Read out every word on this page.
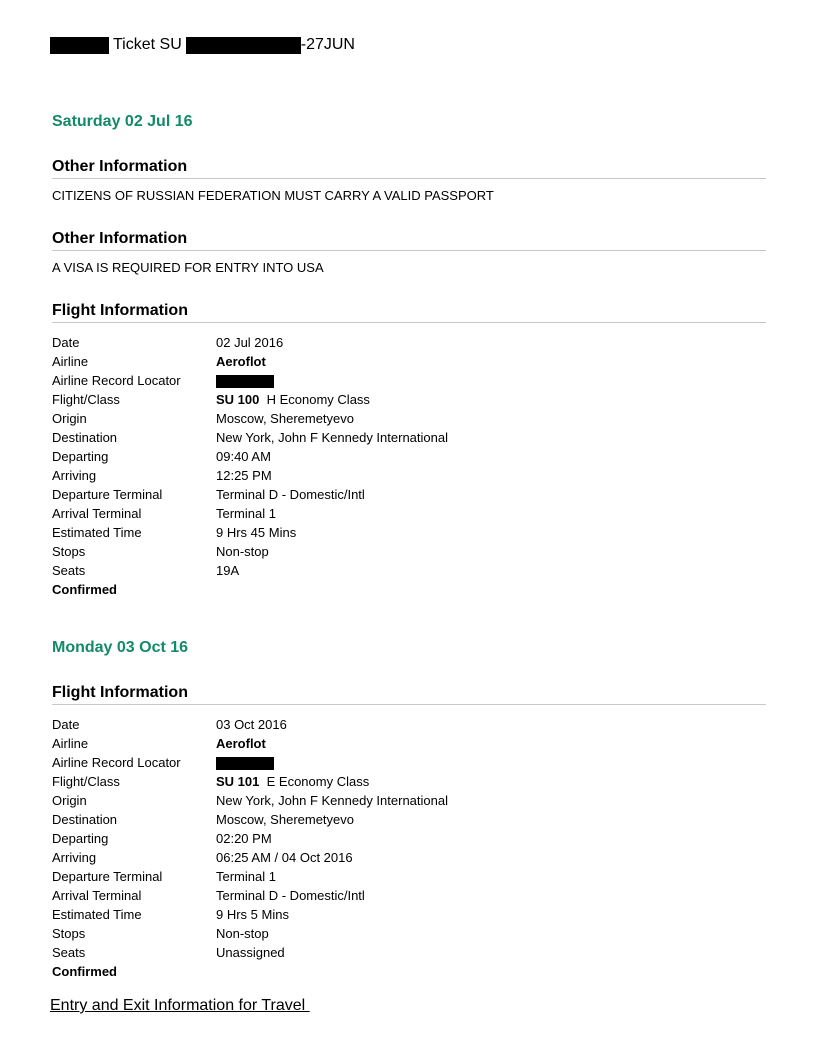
Ticket SU	-27JUN
Saturday 02 Jul 16
Other Information
CITIZENS OF RUSSIAN FEDERATION MUST CARRY A VALID PASSPORT
Other Information
A VISA IS REQUIRED FOR ENTRY INTO USA
Flight Information
Date	02 Jul 2016
Airline	Aeroflot
Airline Record Locator
Flight/Class	SU 100 H Economy Class
Origin	Moscow, Sheremetyevo
Destination	New York, John F Kennedy International
Departing	09:40 AM
Arriving	12:25 PM
Departure Terminal	Terminal D - Domestic/Intl
Arrival Terminal	Terminal 1
Estimated Time	9 Hrs 45 Mins
Stops	Non-stop
Seats	19A
Confirmed
Monday 03 Oct 16
Flight Information
Date	03 Oct 2016
Airline	Aeroflot
Airline Record Locator
Flight/Class	SU 101 E Economy Class
Origin	New York, John F Kennedy International
Destination	Moscow, Sheremetyevo
Departing	02:20 PM
Arriving	06:25 AM / 04 Oct 2016
Departure Terminal	Terminal 1
Arrival Terminal	Terminal D - Domestic/Intl
Estimated Time	9 Hrs 5 Mins
Stops	Non-stop
Seats	Unassigned
Confirmed
Entry and Exit Information for Travel
